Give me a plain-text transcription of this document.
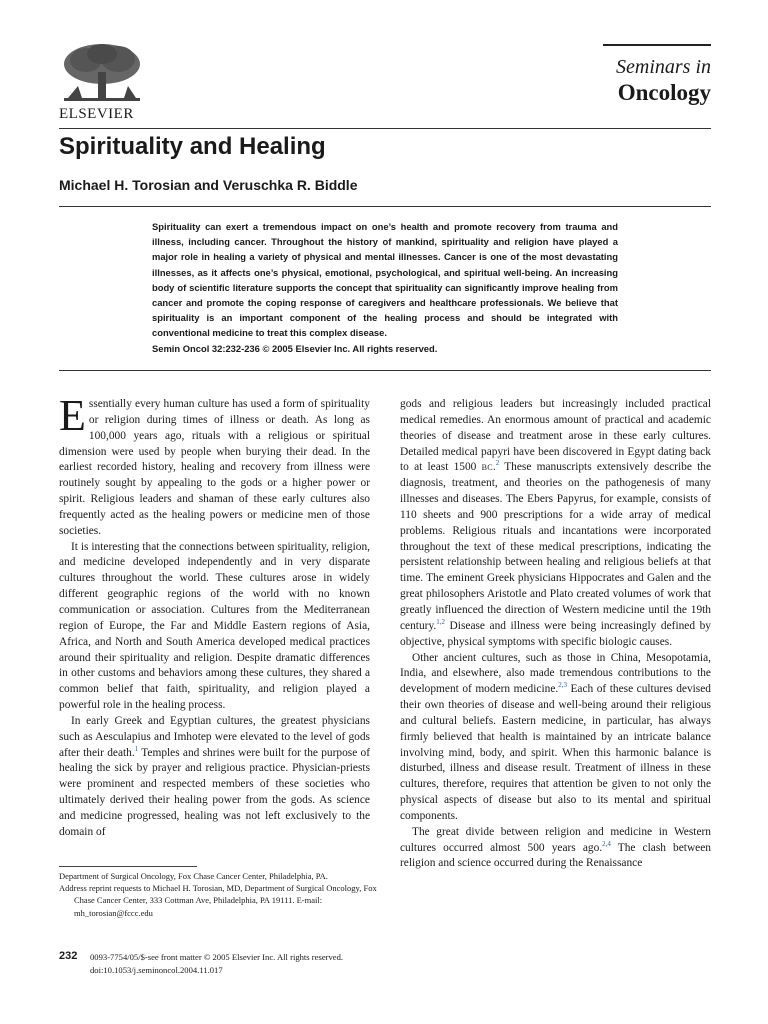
ELSEVIER
Seminars in
Oncology
Spirituality and Healing
Michael H. Torosian and Veruschka R. Biddle
Spirituality can exert a tremendous impact on one’s health and promote recovery from trauma and illness, including cancer. Throughout the history of mankind, spirituality and religion have played a major role in healing a variety of physical and mental illnesses. Cancer is one of the most devastating illnesses, as it affects one’s physical, emotional, psychological, and spiritual well-being. An increasing body of scientific literature supports the concept that spirituality can significantly improve healing from cancer and promote the coping response of caregivers and healthcare professionals. We believe that spirituality is an important component of the healing process and should be integrated with conventional medicine to treat this complex disease.
Semin Oncol 32:232-236 © 2005 Elsevier Inc. All rights reserved.

Essentially every human culture has used a form of spirituality or religion during times of illness or death. As long as 100,000 years ago, rituals with a religious or spiritual dimension were used by people when burying their dead. In the earliest recorded history, healing and recovery from illness were routinely sought by appealing to the gods or a higher power or spirit. Religious leaders and shaman of these early cultures also frequently acted as the healing powers or medicine men of those societies.

It is interesting that the connections between spirituality, religion, and medicine developed independently and in very disparate cultures throughout the world. These cultures arose in widely different geographic regions of the world with no known communication or association. Cultures from the Mediterranean region of Europe, the Far and Middle Eastern regions of Asia, Africa, and North and South America developed medical practices around their spirituality and religion. Despite dramatic differences in other customs and behaviors among these cultures, they shared a common belief that faith, spirituality, and religion played a powerful role in the healing process.

In early Greek and Egyptian cultures, the greatest physicians such as Aesculapius and Imhotep were elevated to the level of gods after their death.$^1$ Temples and shrines were built for the purpose of healing the sick by prayer and religious practice. Physician-priests were prominent and respected members of these societies who ultimately derived their healing power from the gods. As science and medicine progressed, healing was not left exclusively to the domain of

gods and religious leaders but increasingly included practical medical remedies. An enormous amount of practical and academic theories of disease and treatment arose in these early cultures. Detailed medical papyri have been discovered in Egypt dating back to at least 1500 BC.$^2$ These manuscripts extensively describe the diagnosis, treatment, and theories on the pathogenesis of many illnesses and diseases. The Ebers Papyrus, for example, consists of 110 sheets and 900 prescriptions for a wide array of medical problems. Religious rituals and incantations were incorporated throughout the text of these medical prescriptions, indicating the persistent relationship between healing and religious beliefs at that time. The eminent Greek physicians Hippocrates and Galen and the great philosophers Aristotle and Plato created volumes of work that greatly influenced the direction of Western medicine until the 19th century.$^{1,2}$ Disease and illness were being increasingly defined by objective, physical symptoms with specific biologic causes.

Other ancient cultures, such as those in China, Mesopotamia, India, and elsewhere, also made tremendous contributions to the development of modern medicine.$^{2,3}$ Each of these cultures devised their own theories of disease and well-being around their religious and cultural beliefs. Eastern medicine, in particular, has always firmly believed that health is maintained by an intricate balance involving mind, body, and spirit. When this harmonic balance is disturbed, illness and disease result. Treatment of illness in these cultures, therefore, requires that attention be given to not only the physical aspects of disease but also to its mental and spiritual components.

The great divide between religion and medicine in Western cultures occurred almost 500 years ago.$^{2,4}$ The clash between religion and science occurred during the Renaissance

Department of Surgical Oncology, Fox Chase Cancer Center, Philadelphia, PA.
Address reprint requests to Michael H. Torosian, MD, Department of Surgical Oncology, Fox Chase Cancer Center, 333 Cottman Ave, Philadelphia, PA 19111. E-mail: mh_torosian@fccc.edu
232 0093-7754/05/$-see front matter © 2005 Elsevier Inc. All rights reserved.
doi:10.1053/j.seminoncol.2004.11.017
